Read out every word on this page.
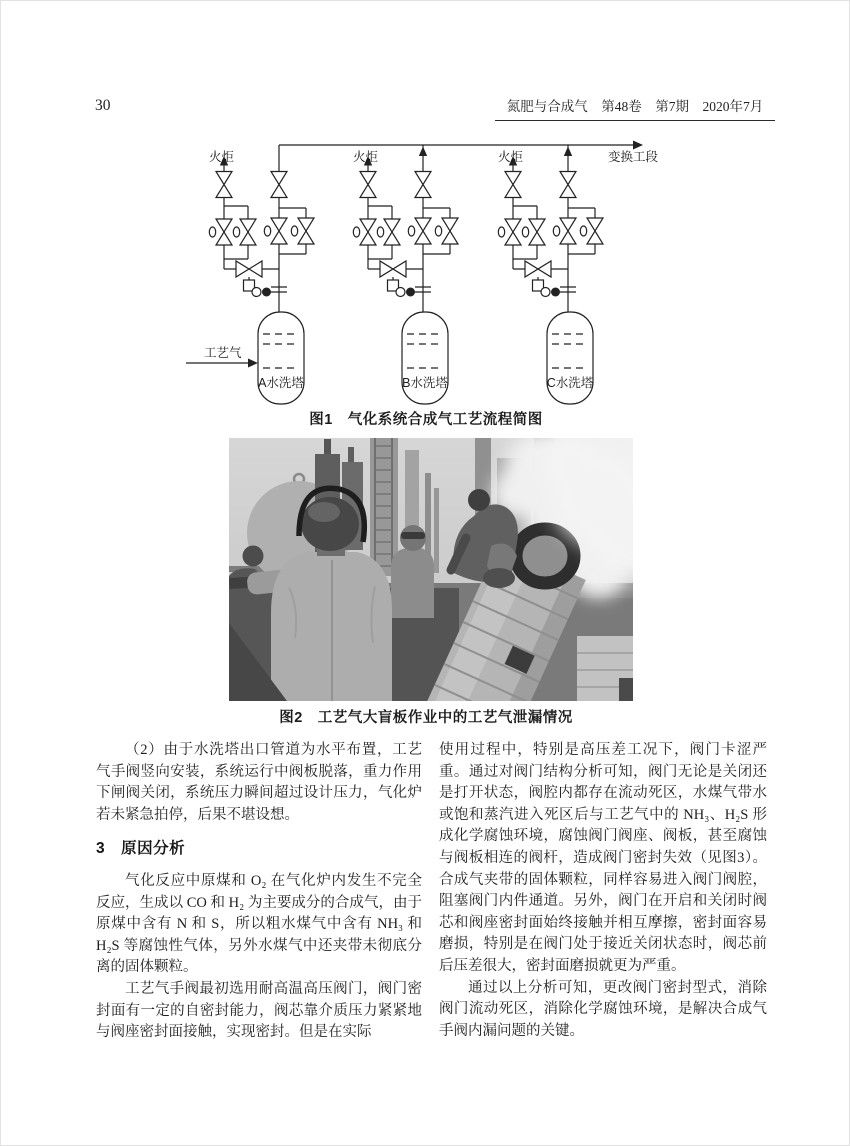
30	氮肥与合成气　第48卷　第7期　2020年7月
火炬	火炬	火炬	变换工段
工艺气
A水洗塔	B水洗塔	C水洗塔
图1　气化系统合成气工艺流程简图
图2　工艺气大盲板作业中的工艺气泄漏情况

（2）由于水洗塔出口管道为水平布置，工艺气手阀竖向安装，系统运行中阀板脱落，重力作用下闸阀关闭，系统压力瞬间超过设计压力，气化炉若未紧急拍停，后果不堪设想。

3　原因分析

气化反应中原煤和 O₂ 在气化炉内发生不完全反应，生成以 CO 和 H₂ 为主要成分的合成气，由于原煤中含有 N 和 S，所以粗水煤气中含有 NH₃ 和 H₂S 等腐蚀性气体，另外水煤气中还夹带未彻底分离的固体颗粒。

工艺气手阀最初选用耐高温高压阀门，阀门密封面有一定的自密封能力，阀芯靠介质压力紧紧地与阀座密封面接触，实现密封。但是在实际

使用过程中，特别是高压差工况下，阀门卡涩严重。通过对阀门结构分析可知，阀门无论是关闭还是打开状态，阀腔内都存在流动死区，水煤气带水或饱和蒸汽进入死区后与工艺气中的 NH₃、H₂S 形成化学腐蚀环境，腐蚀阀门阀座、阀板，甚至腐蚀与阀板相连的阀杆，造成阀门密封失效（见图3）。合成气夹带的固体颗粒，同样容易进入阀门阀腔，阻塞阀门内件通道。另外，阀门在开启和关闭时阀芯和阀座密封面始终接触并相互摩擦，密封面容易磨损，特别是在阀门处于接近关闭状态时，阀芯前后压差很大，密封面磨损就更为严重。

通过以上分析可知，更改阀门密封型式，消除阀门流动死区，消除化学腐蚀环境，是解决合成气手阀内漏问题的关键。
